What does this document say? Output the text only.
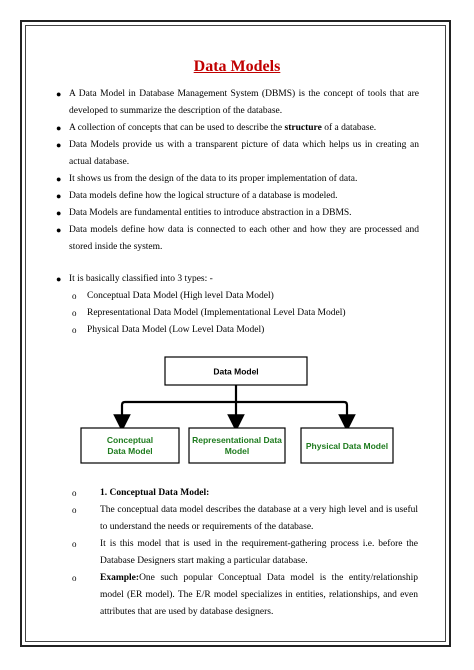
Data Models
● A Data Model in Database Management System (DBMS) is the concept of tools that are developed to summarize the description of the database.
● A collection of concepts that can be used to describe the structure of a database.
● Data Models provide us with a transparent picture of data which helps us in creating an actual database.
● It shows us from the design of the data to its proper implementation of data.
● Data models define how the logical structure of a database is modeled.
● Data Models are fundamental entities to introduce abstraction in a DBMS.
● Data models define how data is connected to each other and how they are processed and stored inside the system.
● It is basically classified into 3 types: -
o Conceptual Data Model (High level Data Model)
o Representational Data Model (Implementational Level Data Model)
o Physical Data Model (Low Level Data Model)
Data Model
Conceptual
Data Model
Representational Data
Model	Physical Data Model
o 1. Conceptual Data Model:
o The conceptual data model describes the database at a very high level and is useful to understand the needs or requirements of the database.
o It is this model that is used in the requirement-gathering process i.e. before the Database Designers start making a particular database.
o Example:One such popular Conceptual Data model is the entity/relationship model (ER model). The E/R model specializes in entities, relationships, and even attributes that are used by database designers.
